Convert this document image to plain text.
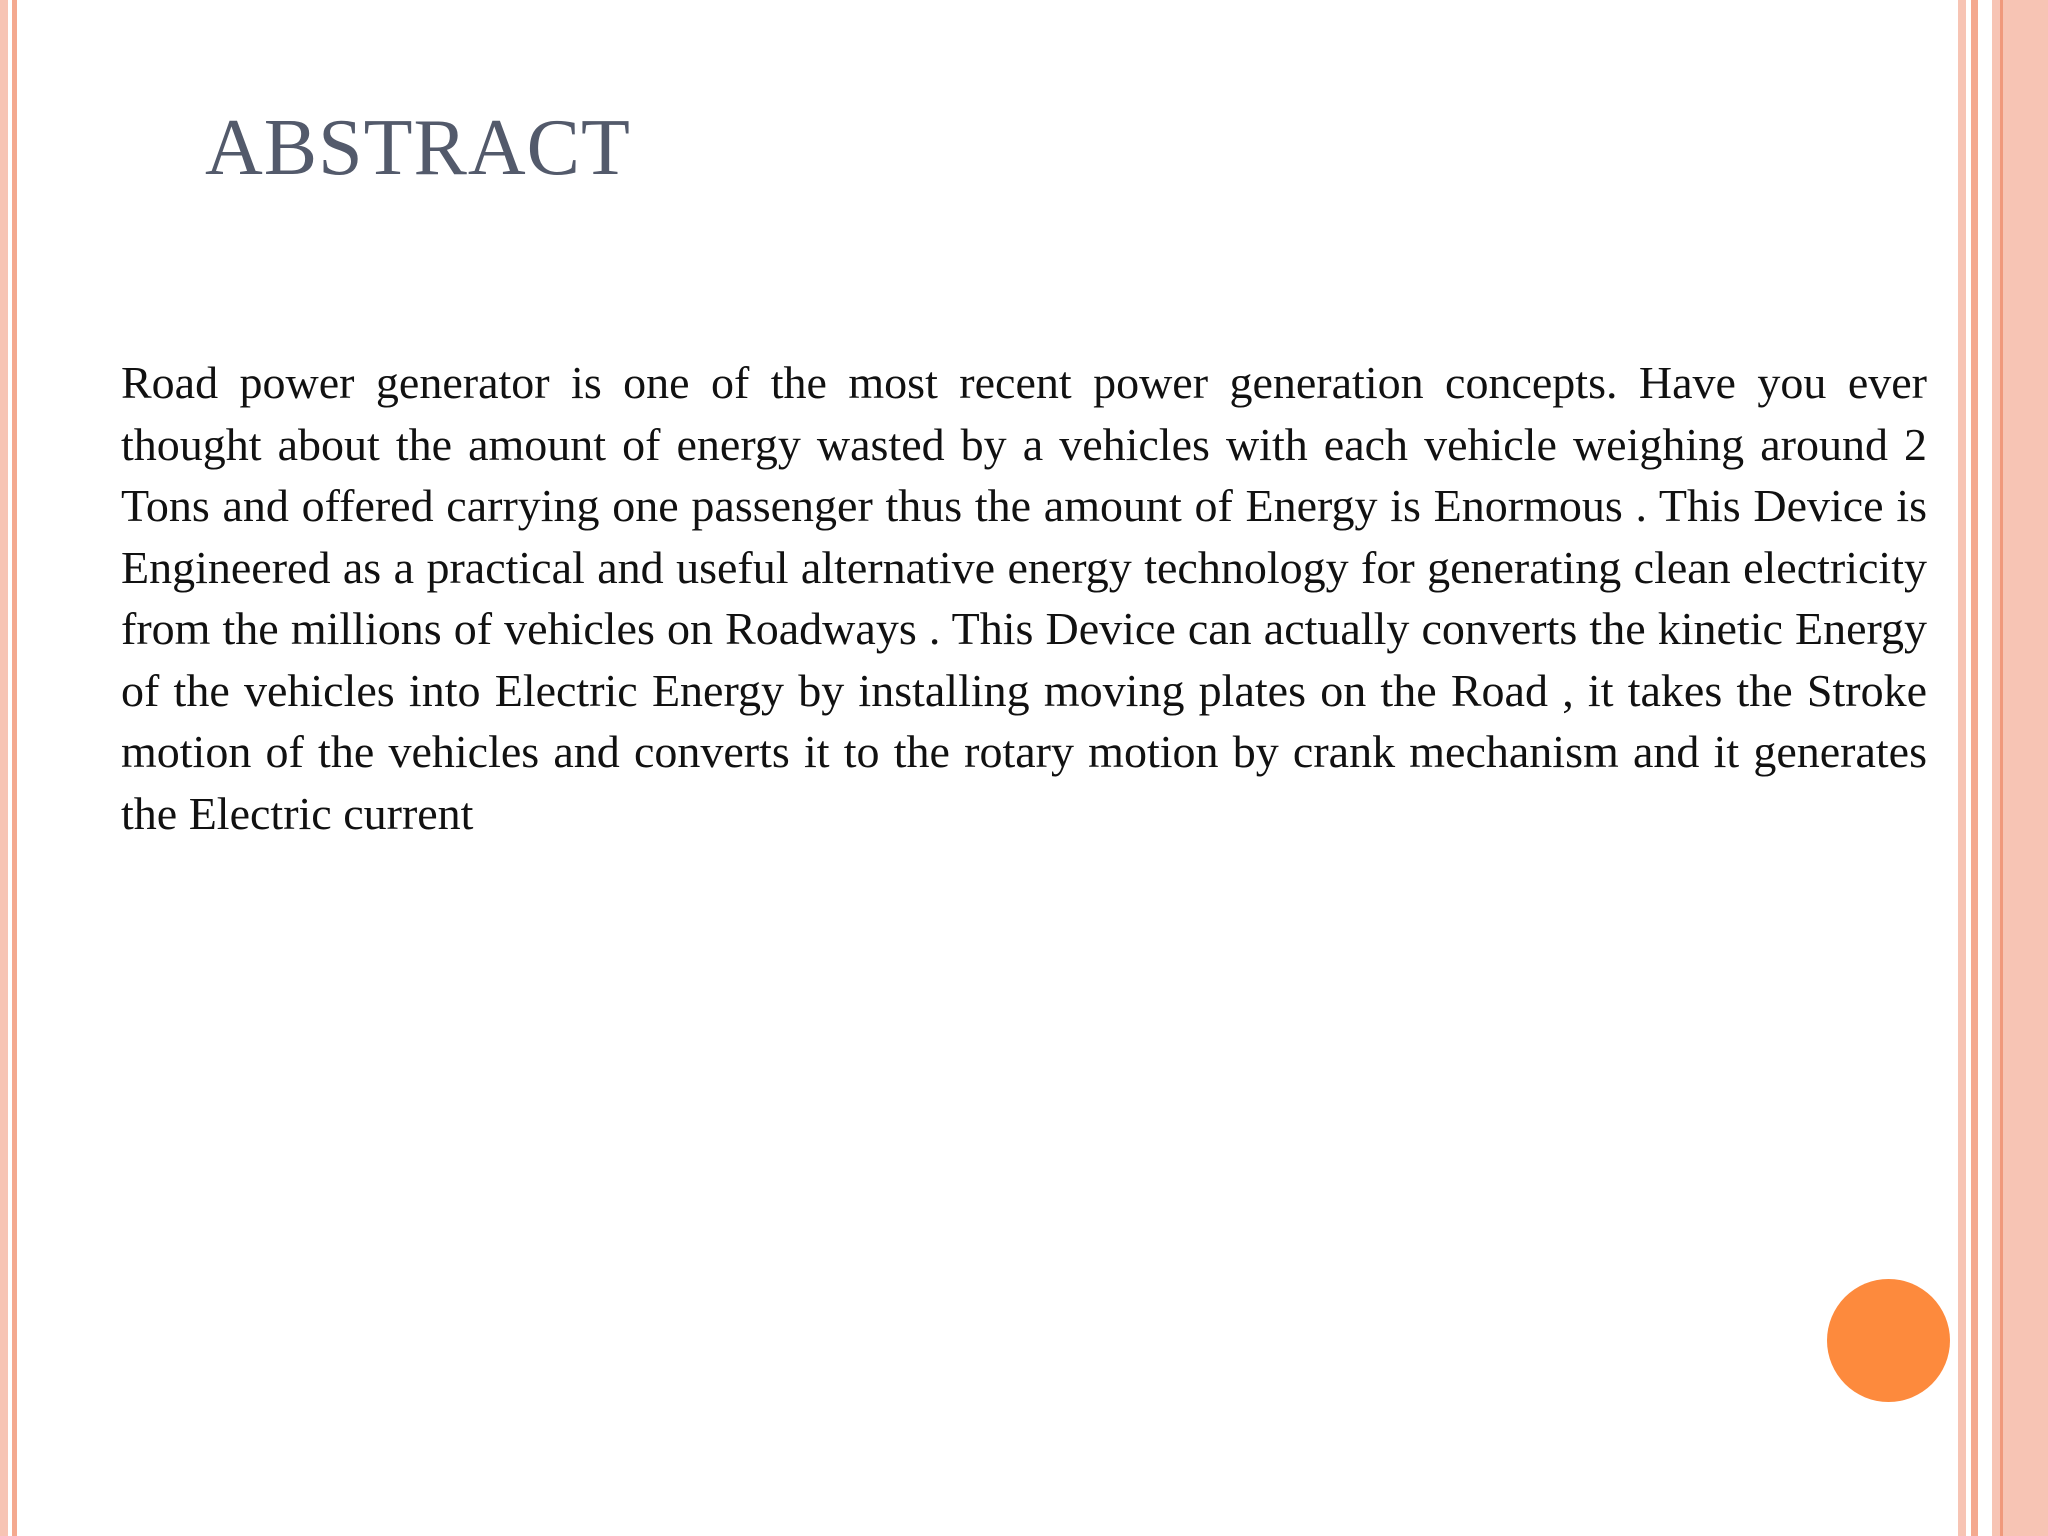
ABSTRACT

Road power generator is one of the most recent power generation concepts. Have you ever thought about the amount of energy wasted by a vehicles with each vehicle weighing around 2 Tons and offered carrying one passenger thus the amount of Energy is Enormous . This Device is Engineered as a practical and useful alternative energy technology for generating clean electricity from the millions of vehicles on Roadways . This Device can actually converts the kinetic Energy of the vehicles into Electric Energy by installing moving plates on the Road , it takes the Stroke motion of the vehicles and converts it to the rotary motion by crank mechanism and it generates the Electric current
